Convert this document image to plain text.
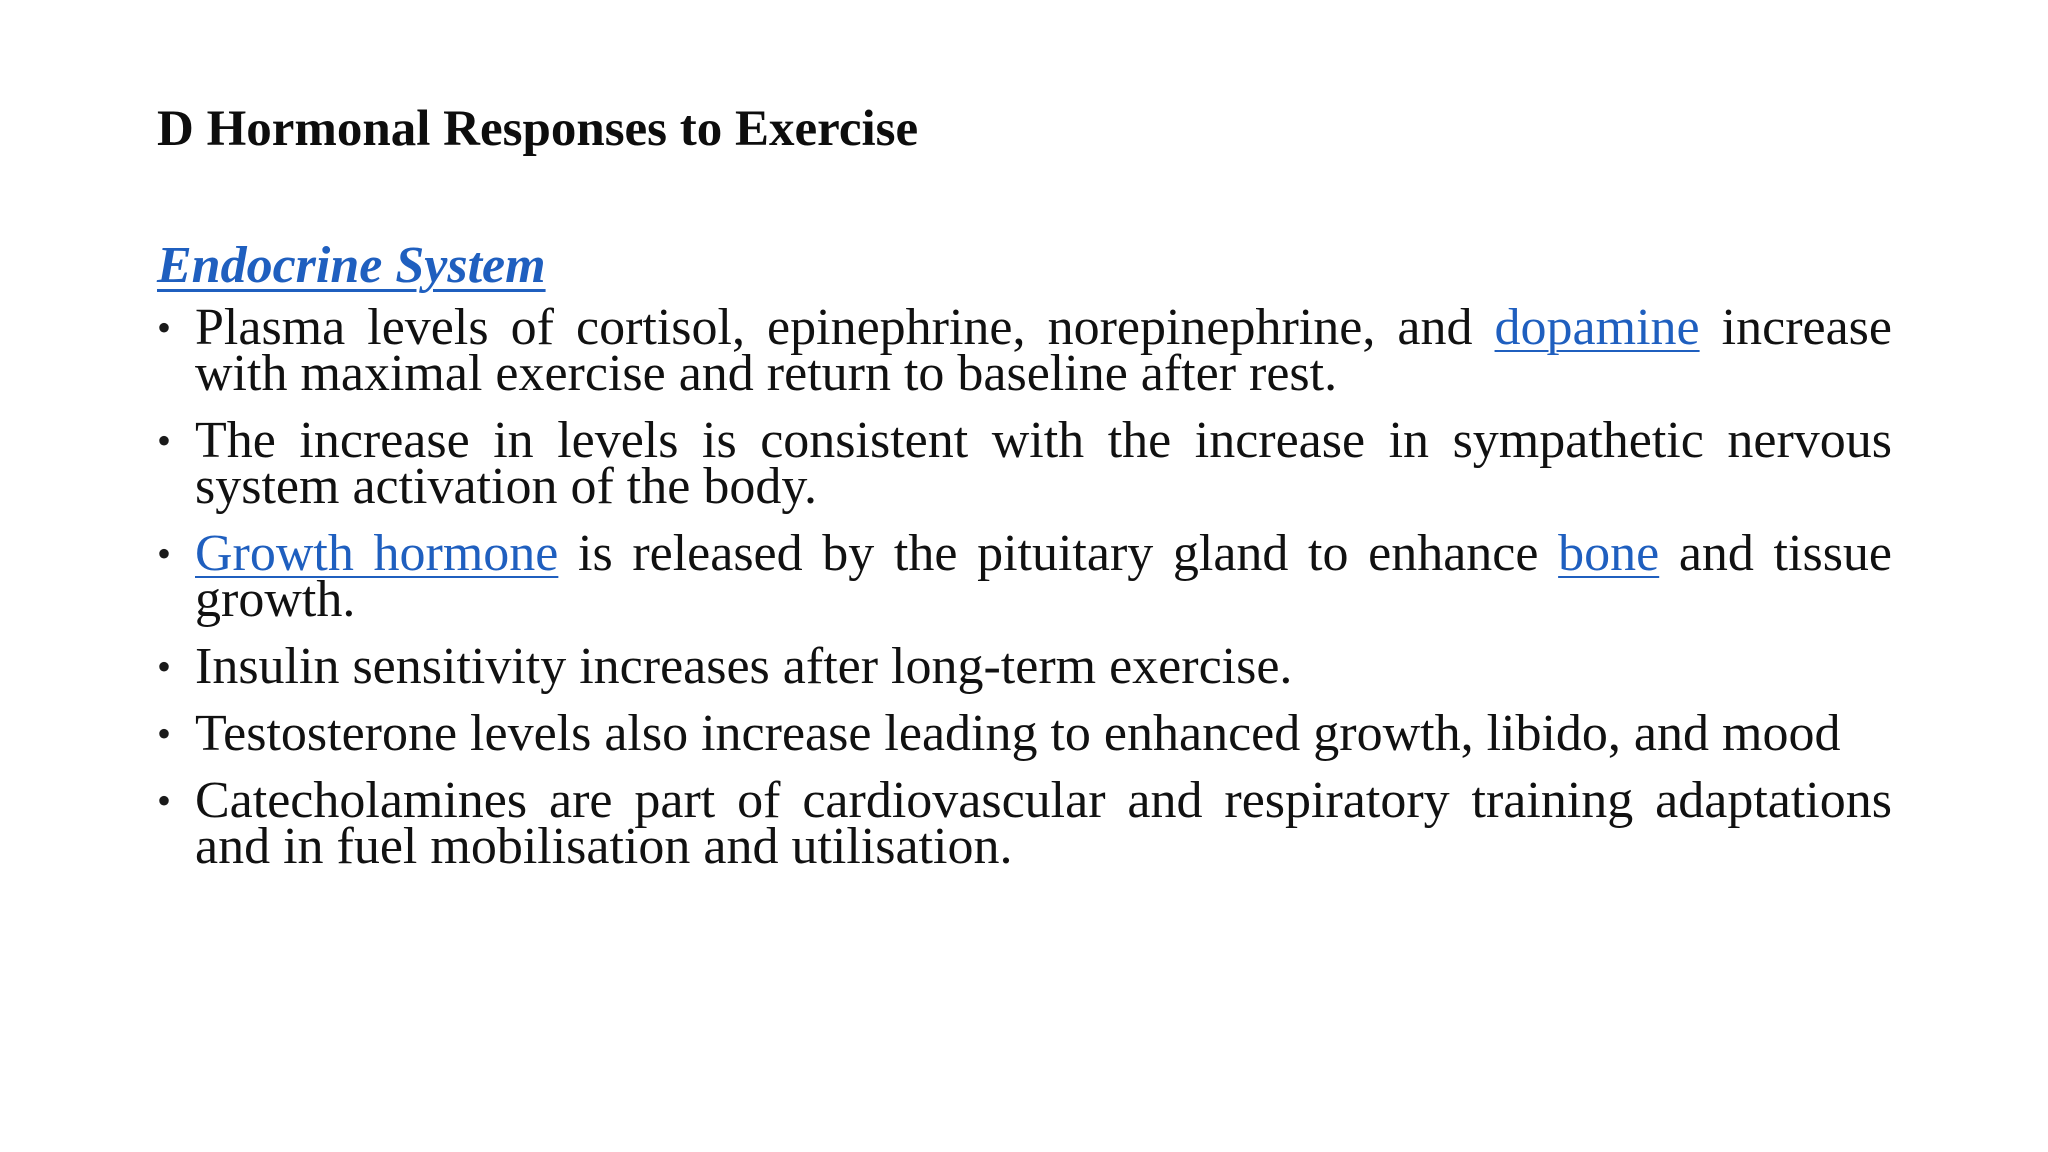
D Hormonal Responses to Exercise
Endocrine System
• Plasma levels of cortisol, epinephrine, norepinephrine, and dopamine increase with maximal exercise and return to baseline after rest.
• The increase in levels is consistent with the increase in sympathetic nervous system activation of the body.
• Growth hormone is released by the pituitary gland to enhance bone and tissue growth.
• Insulin sensitivity increases after long-term exercise.
• Testosterone levels also increase leading to enhanced growth, libido, and mood
• Catecholamines are part of cardiovascular and respiratory training adaptations and in fuel mobilisation and utilisation.
